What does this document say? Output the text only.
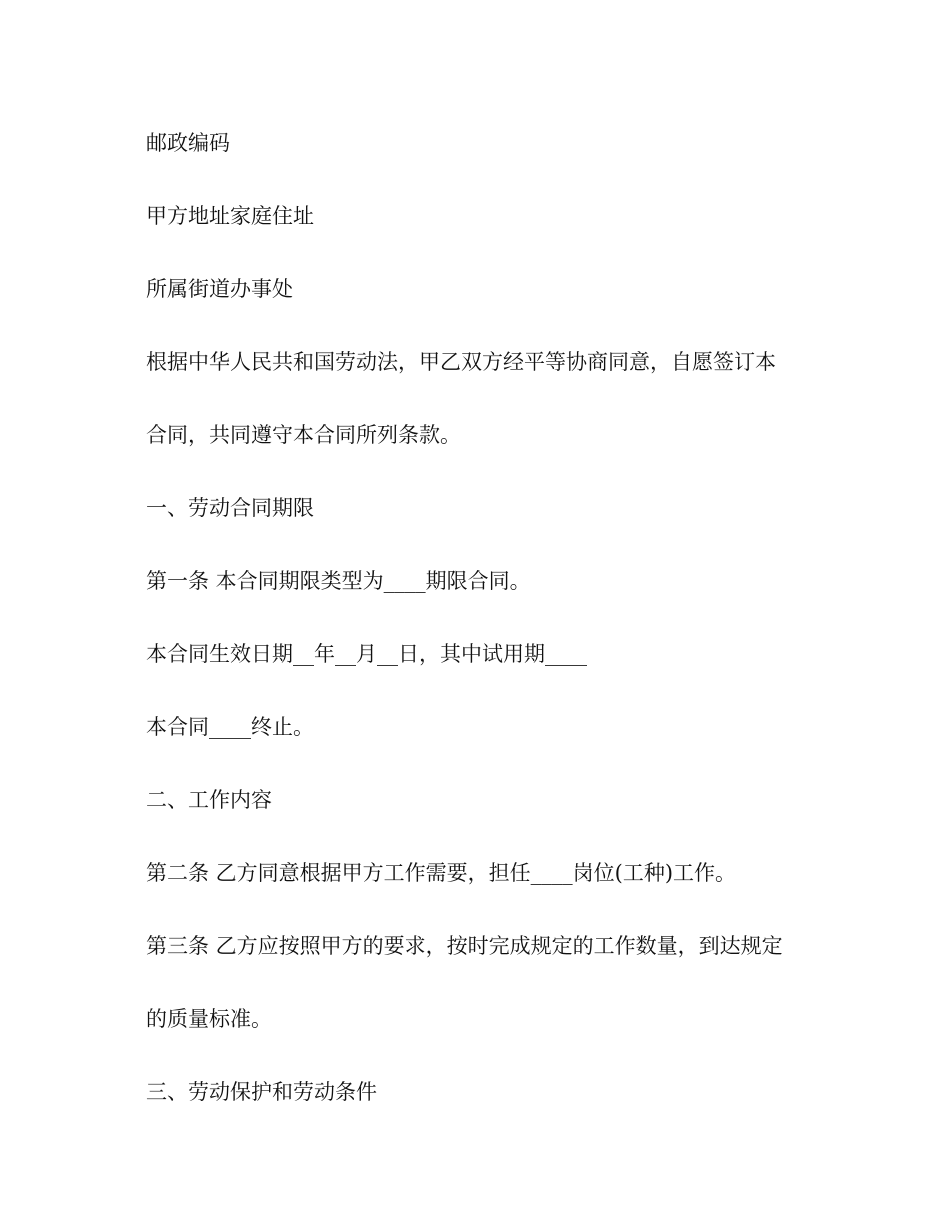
邮政编码

甲方地址家庭住址

所属街道办事处

根据中华人民共和国劳动法，甲乙双方经平等协商同意，自愿签订本

合同，共同遵守本合同所列条款。

一、劳动合同期限

第一条 本合同期限类型为____期限合同。

本合同生效日期__年__月__日，其中试用期____

本合同____终止。

二、工作内容

第二条 乙方同意根据甲方工作需要，担任____岗位(工种)工作。

第三条 乙方应按照甲方的要求，按时完成规定的工作数量，到达规定

的质量标准。

三、劳动保护和劳动条件
